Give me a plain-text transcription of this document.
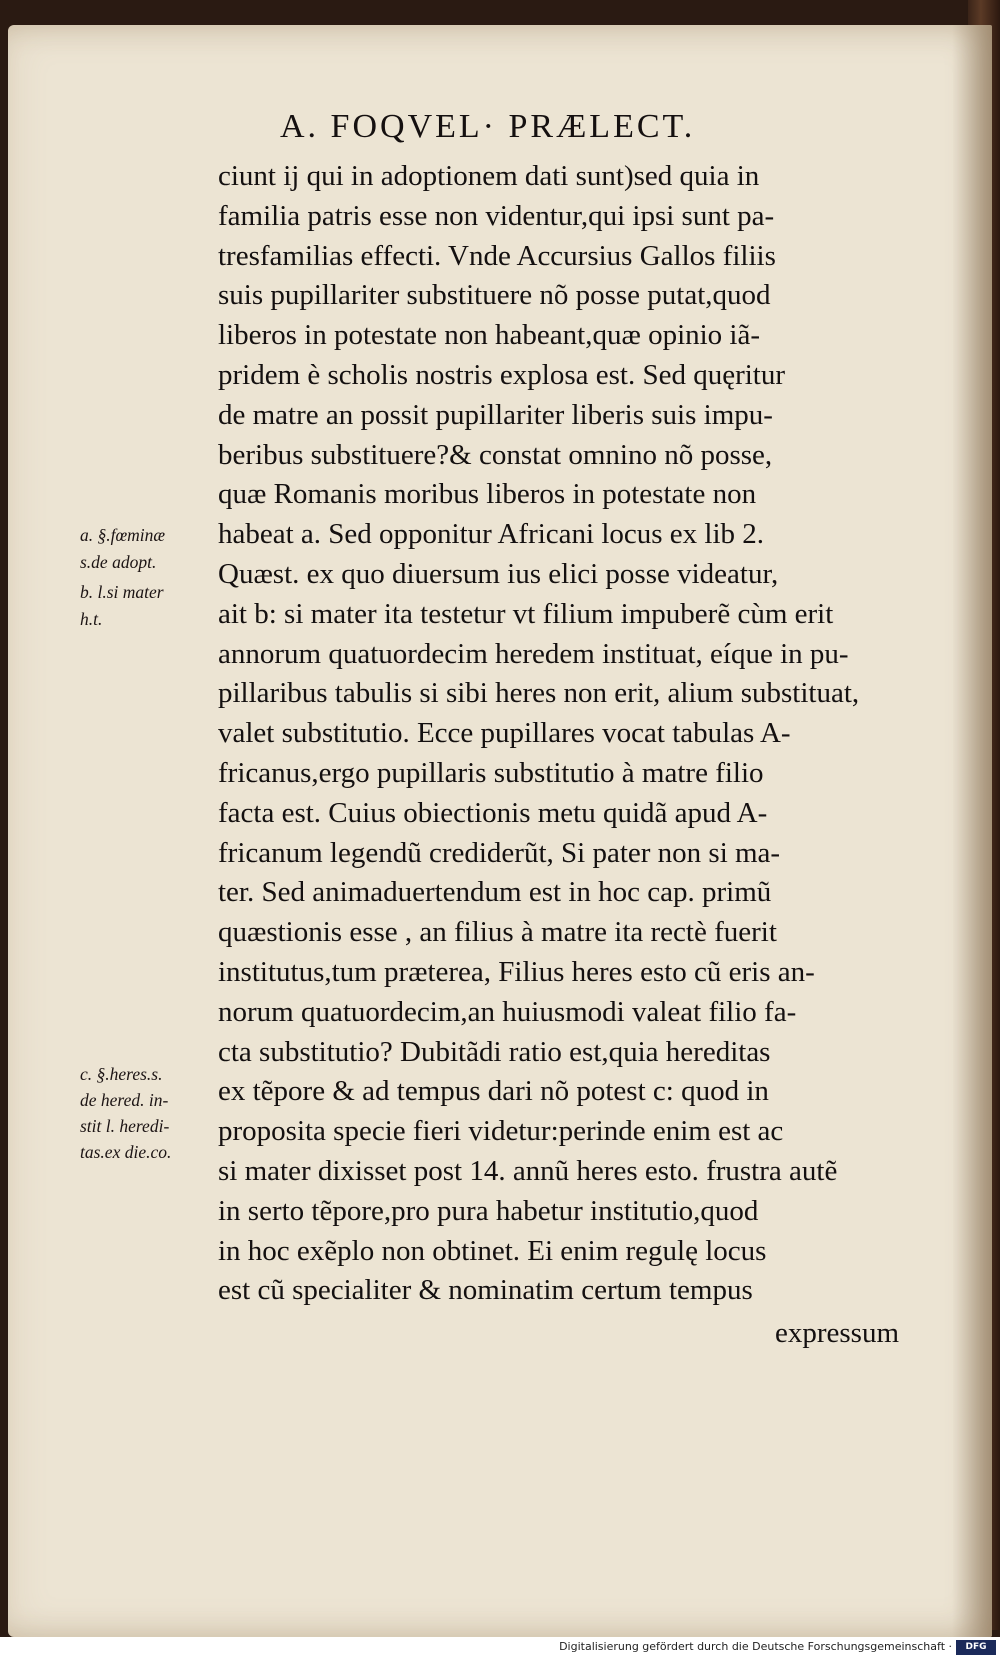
A. FOQVEL· PRÆLECT.
ciunt ij qui in adoptionem dati sunt)sed quia in
familia patris esse non videntur,qui ipsi sunt pa-
tresfamilias effecti. Vnde Accursius Gallos filiis
suis pupillariter substituere nõ posse putat,quod
liberos in potestate non habeant,quæ opinio iã-
pridem è scholis nostris explosa est. Sed quęritur
de matre an possit pupillariter liberis suis impu-
beribus substituere?& constat omnino nõ posse,
quæ Romanis moribus liberos in potestate non
habeat a. Sed opponitur Africani locus ex lib 2.
Quæst. ex quo diuersum ius elici posse videatur,
ait b: si mater ita testetur vt filium impuberẽ cùm erit
annorum quatuordecim heredem instituat, eíque in pu-
pillaribus tabulis si sibi heres non erit, alium substituat,
valet substitutio. Ecce pupillares vocat tabulas A-
fricanus,ergo pupillaris substitutio à matre filio
facta est. Cuius obiectionis metu quidã apud A-
fricanum legendũ crediderũt, Si pater non si ma-
ter. Sed animaduertendum est in hoc cap. primũ
quæstionis esse , an filius à matre ita rectè fuerit
institutus,tum præterea, Filius heres esto cũ eris an-
norum quatuordecim,an huiusmodi valeat filio fa-
cta substitutio? Dubitãdi ratio est,quia hereditas
ex tẽpore & ad tempus dari nõ potest c: quod in
proposita specie fieri videtur:perinde enim est ac
si mater dixisset post 14. annũ heres esto. frustra autẽ
in serto tẽpore,pro pura habetur institutio,quod
in hoc exẽplo non obtinet. Ei enim regulę locus
est cũ specialiter & nominatim certum tempus
a. §.fœminæ
s.de adopt.
b. l.si mater
h.t.
c. §.heres.s.
de hered. in-
stit l. heredi-
tas.ex die.co.
expressum
Digitalisierung gefördert durch die Deutsche Forschungsgemeinschaft ·	DFG
